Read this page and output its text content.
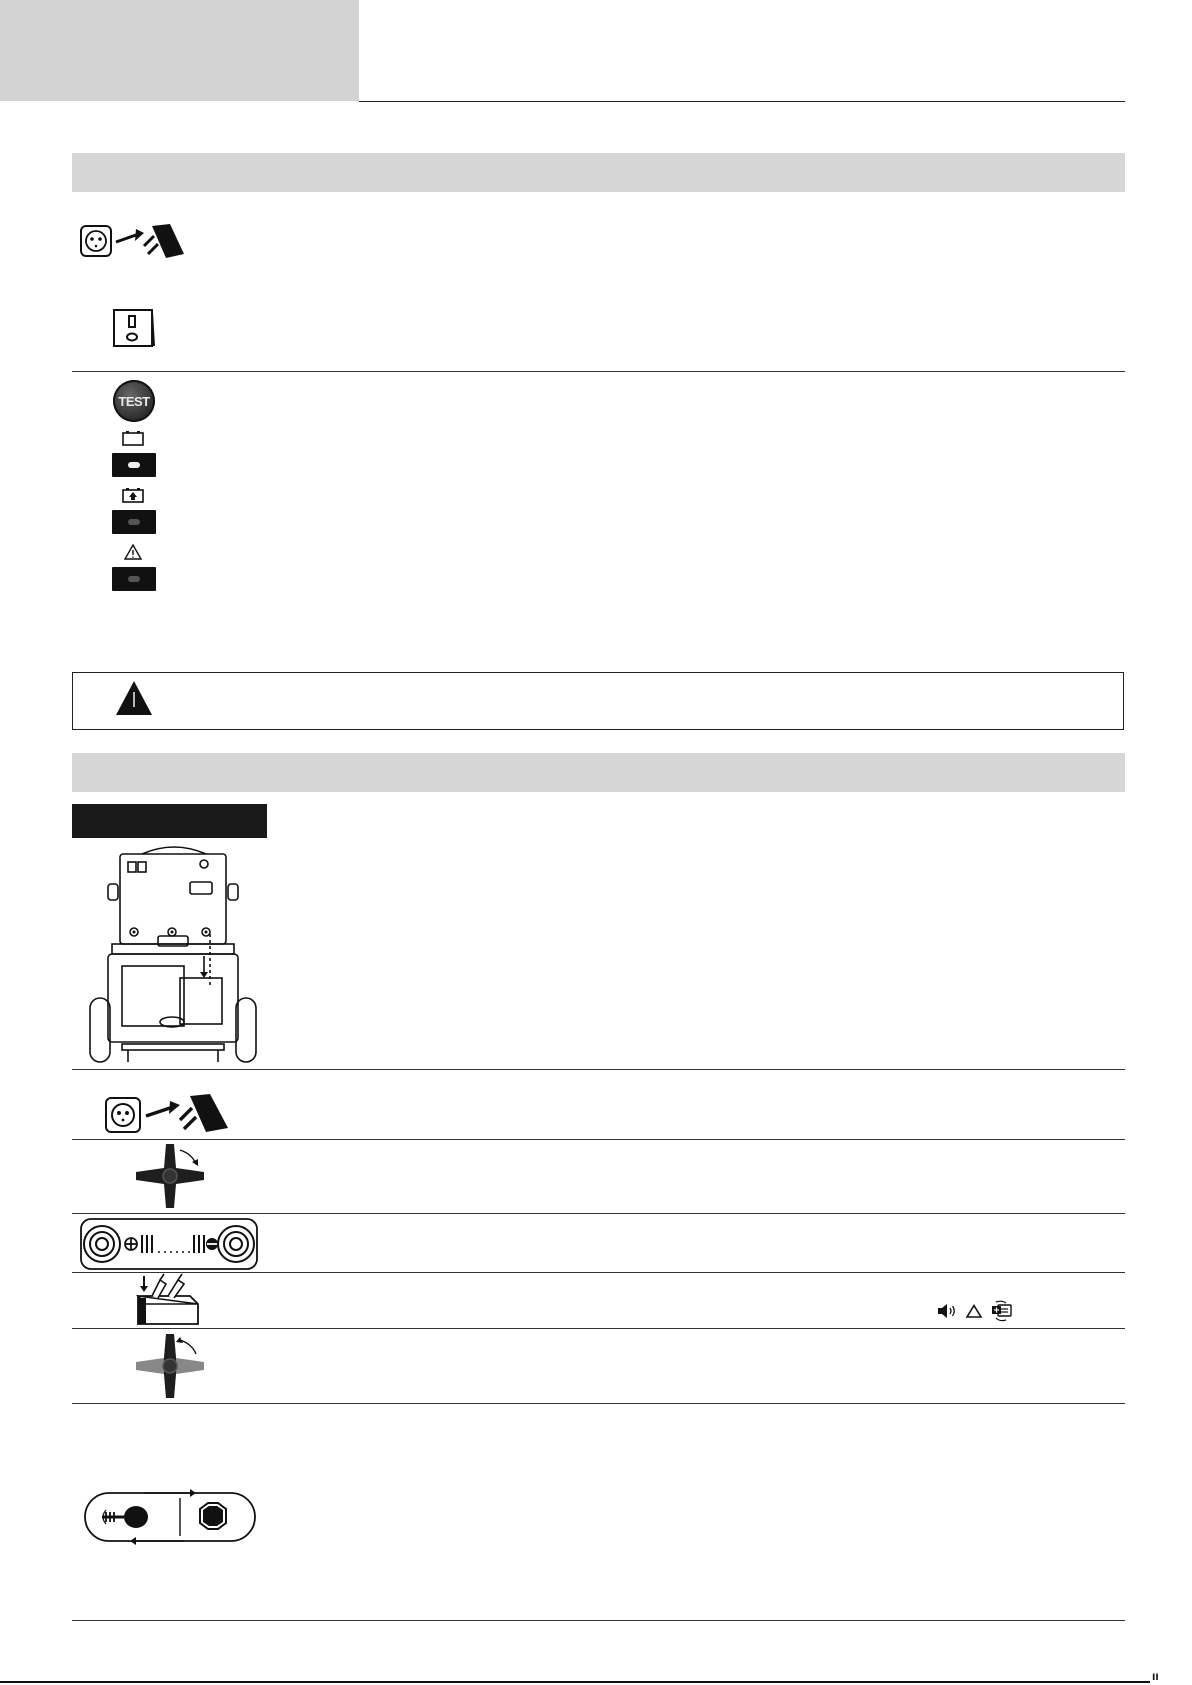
TEST
ıı
